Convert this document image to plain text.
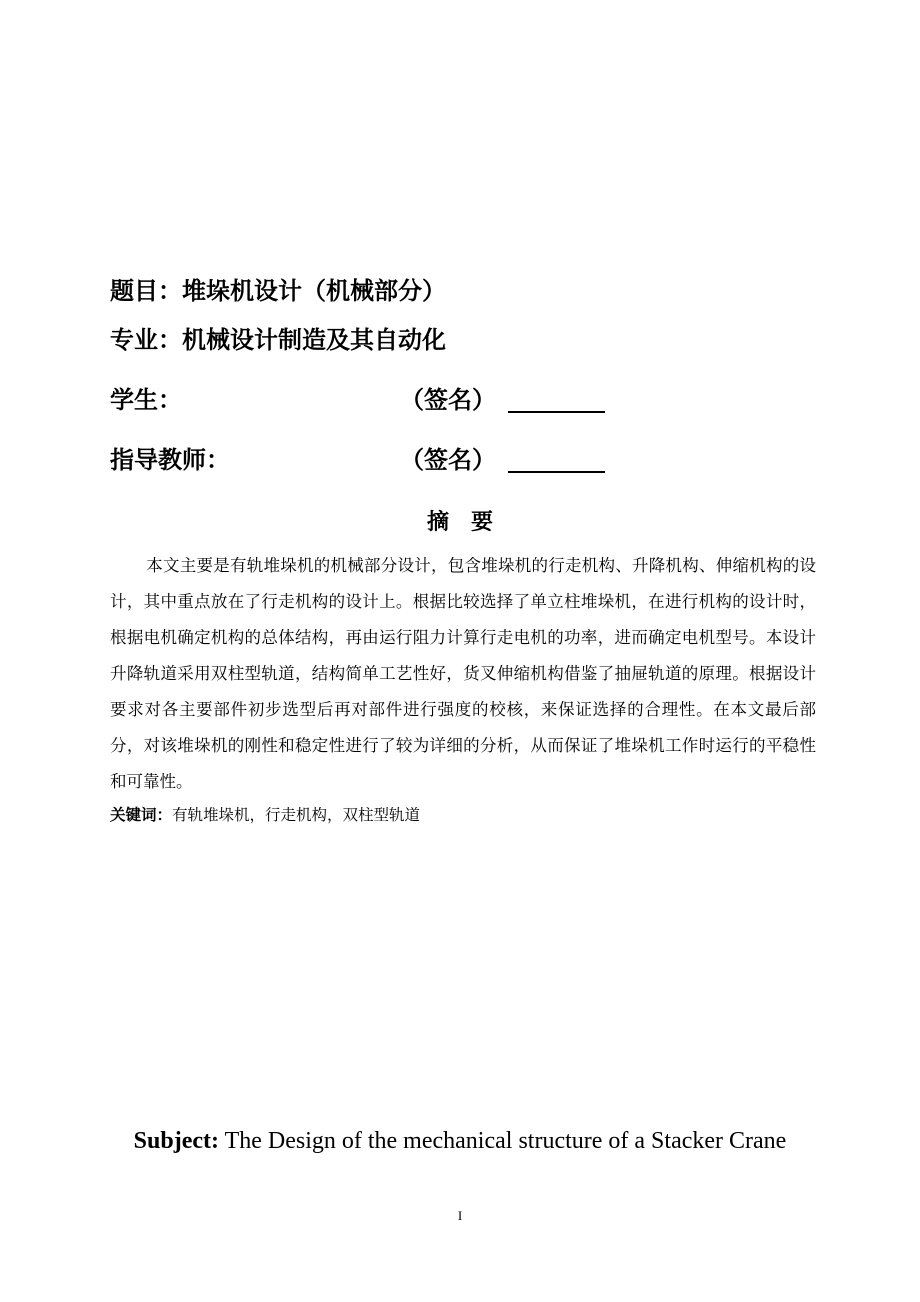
题目：堆垛机设计（机械部分）
专业：机械设计制造及其自动化
学生：	（签名）
指导教师：	（签名）
摘要
本文主要是有轨堆垛机的机械部分设计，包含堆垛机的行走机构、升降机构、伸缩机构的设计，其中重点放在了行走机构的设计上。根据比较选择了单立柱堆垛机，在进行机构的设计时，根据电机确定机构的总体结构，再由运行阻力计算行走电机的功率，进而确定电机型号。本设计升降轨道采用双柱型轨道，结构简单工艺性好，货叉伸缩机构借鉴了抽屉轨道的原理。根据设计要求对各主要部件初步选型后再对部件进行强度的校核，来保证选择的合理性。在本文最后部分，对该堆垛机的刚性和稳定性进行了较为详细的分析，从而保证了堆垛机工作时运行的平稳性和可靠性。
关键词：有轨堆垛机，行走机构，双柱型轨道
Subject: The Design of the mechanical structure of a Stacker Crane
I
